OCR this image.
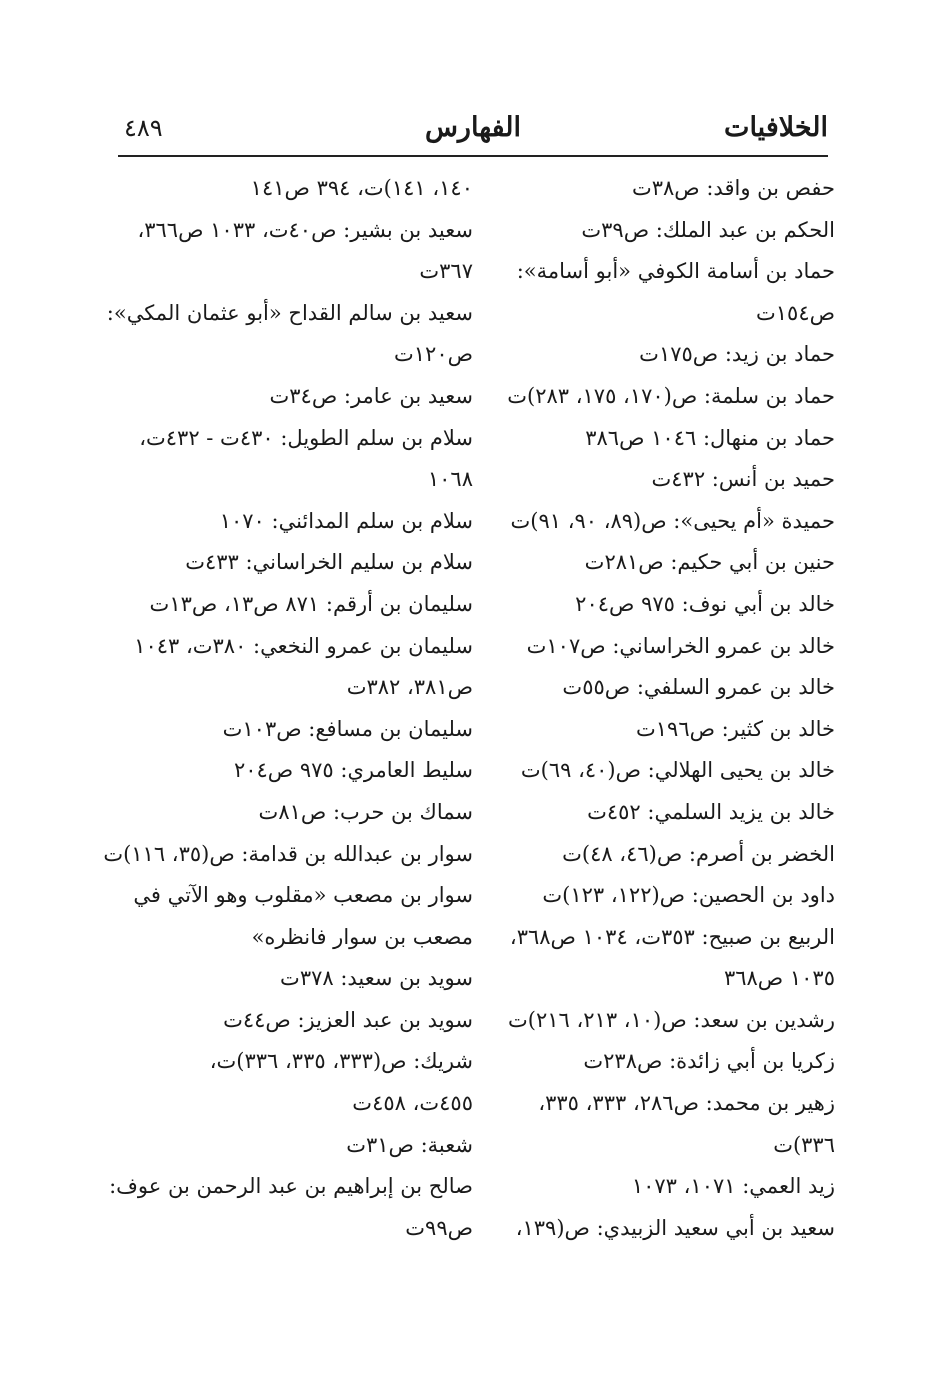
الخلافيات
الفهارس
٤٨٩
حفص بن واقد: ص٣٨ت
الحكم بن عبد الملك: ص٣٩ت
حماد بن أسامة الكوفي «أبو أسامة»:
ص١٥٤ت
حماد بن زيد: ص١٧٥ت
حماد بن سلمة: ص(١٧٠، ١٧٥، ٢٨٣)ت
حماد بن منهال: ١٠٤٦ ص٣٨٦
حميد بن أنس: ٤٣٢ت
حميدة «أم يحيى»: ص(٨٩، ٩٠، ٩١)ت
حنين بن أبي حكيم: ص٢٨١ت
خالد بن أبي نوف: ٩٧٥ ص٢٠٤
خالد بن عمرو الخراساني: ص١٠٧ت
خالد بن عمرو السلفي: ص٥٥ت
خالد بن كثير: ص١٩٦ت
خالد بن يحيى الهلالي: ص(٤٠، ٦٩)ت
خالد بن يزيد السلمي: ٤٥٢ت
الخضر بن أصرم: ص(٤٦، ٤٨)ت
داود بن الحصين: ص(١٢٢، ١٢٣)ت
الربيع بن صبيح: ٣٥٣ت، ١٠٣٤ ص٣٦٨،
١٠٣٥ ص٣٦٨
رشدين بن سعد: ص(١٠، ٢١٣، ٢١٦)ت
زكريا بن أبي زائدة: ص٢٣٨ت
زهير بن محمد: ص٢٨٦، ٣٣٣، ٣٣٥،
٣٣٦)ت
زيد العمي: ١٠٧١، ١٠٧٣
سعيد بن أبي سعيد الزبيدي: ص(١٣٩،
١٤٠، ١٤١)ت، ٣٩٤ ص١٤١
سعيد بن بشير: ص٤٠ت، ١٠٣٣ ص٣٦٦،
٣٦٧ت
سعيد بن سالم القداح «أبو عثمان المكي»:
ص١٢٠ت
سعيد بن عامر: ص٣٤ت
سلام بن سلم الطويل: ٤٣٠ت - ٤٣٢ت،
١٠٦٨
سلام بن سلم المدائني: ١٠٧٠
سلام بن سليم الخراساني: ٤٣٣ت
سليمان بن أرقم: ٨٧١ ص١٣، ص١٣ت
سليمان بن عمرو النخعي: ٣٨٠ت، ١٠٤٣
ص٣٨١، ٣٨٢ت
سليمان بن مسافع: ص١٠٣ت
سليط العامري: ٩٧٥ ص٢٠٤
سماك بن حرب: ص٨١ت
سوار بن عبدالله بن قدامة: ص(٣٥، ١١٦)ت
سوار بن مصعب «مقلوب وهو الآتي في
مصعب بن سوار فانظره»
سويد بن سعيد: ٣٧٨ت
سويد بن عبد العزيز: ص٤٤ت
شريك: ص(٣٣٣، ٣٣٥، ٣٣٦)ت،
٤٥٥ت، ٤٥٨ت
شعبة: ص٣١ت
صالح بن إبراهيم بن عبد الرحمن بن عوف:
ص٩٩ت
